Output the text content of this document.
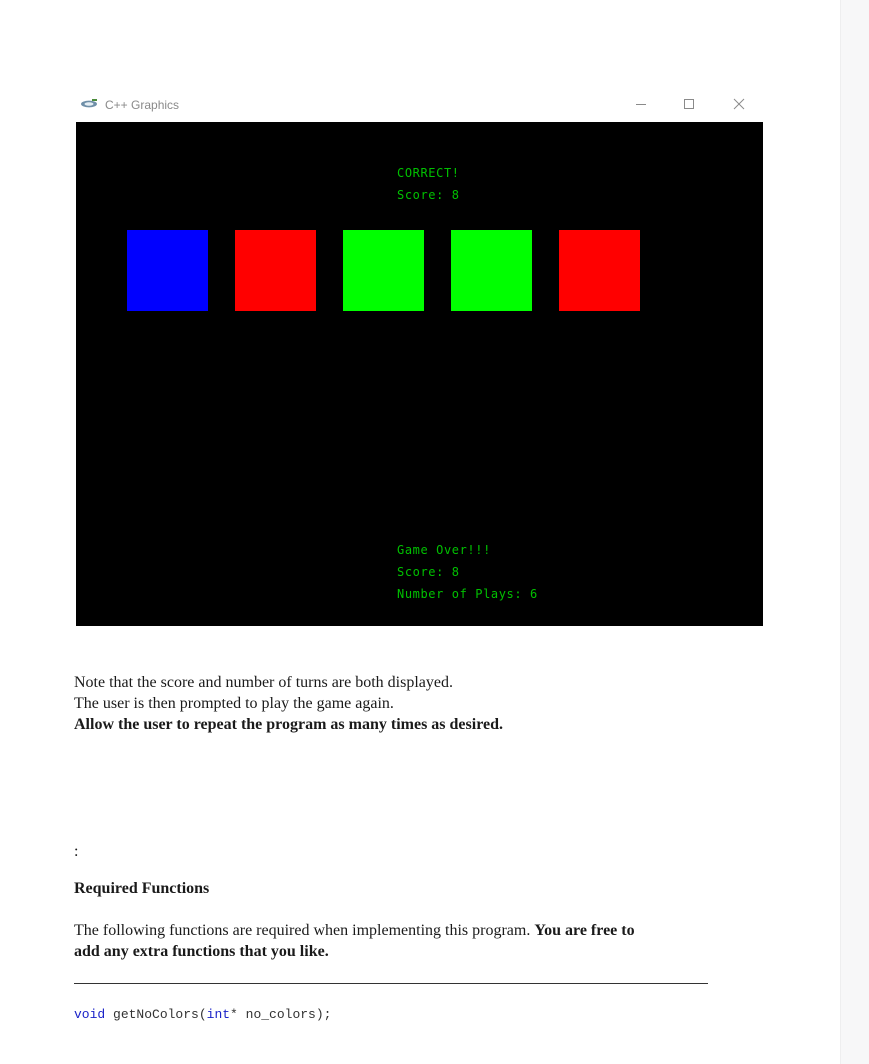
C++ Graphics
CORRECT!
Score: 8
Game Over!!!
Score: 8
Number of Plays: 6

Note that the score and number of turns are both displayed.

The user is then prompted to play the game again.

Allow the user to repeat the program as many times as desired.

:

Required Functions

The following functions are required when implementing this program. You are free to

add any extra functions that you like.

void getNoColors(int* no_colors);
